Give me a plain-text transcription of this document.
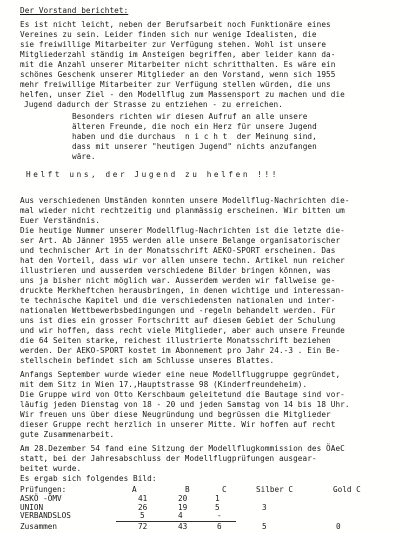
Der Vorstand berichtet:
Es ist nicht leicht, neben der Berufsarbeit noch Funktionäre eines
Vereines zu sein. Leider finden sich nur wenige Idealisten, die
sie freiwillige Mitarbeiter zur Verfügung stehen. Wohl ist unsere
Mitgliederzahl ständig im Ansteigen begriffen, aber leider kann da-
mit die Anzahl unserer Mitarbeiter nicht schritthalten. Es wäre ein
schönes Geschenk unserer Mitglieder an den Vorstand, wenn sich 1955
mehr freiwillige Mitarbeiter zur Verfügung stellen würden, die uns
helfen, unser Ziel - den Modellflug zum Massensport zu machen und die
Jugend dadurch der Strasse zu entziehen - zu erreichen.
Besonders richten wir diesen Aufruf an alle unsere
älteren Freunde, die noch ein Herz für unsere Jugend
haben und die durchaus  n i c h t  der Meinung sind,
dass mit unserer "heutigen Jugend" nichts anzufangen
wäre.
Helft uns, der Jugend zu helfen !!!
Aus verschiedenen Umständen konnten unsere Modellflug-Nachrichten die-
mal wieder nicht rechtzeitig und planmässig erscheinen. Wir bitten um
Euer Verständnis.
Die heutige Nummer unserer Modellflug-Nachrichten ist die letzte die-
ser Art. Ab Jänner 1955 werden alle unsere Belange organisatorischer
und technischer Art in der Monatsschrift AEKO-SPORT erscheinen. Das
hat den Vorteil, dass wir vor allen unsere techn. Artikel nun reicher
illustrieren und ausserdem verschiedene Bilder bringen können, was
uns ja bisher nicht möglich war. Ausserdem werden wir fallweise ge-
druckte Merkheftchen herausbringen, in denen wichtige und interessan-
te technische Kapitel und die verschiedensten nationalen und inter-
nationalen Wettbewerbsbedingungen und -regeln behandelt werden. Für
uns ist dies ein grosser Fortschritt auf diesem Gebiet der Schulung
und wir hoffen, dass recht viele Mitglieder, aber auch unsere Freunde
die 64 Seiten starke, reichest illustrierte Monatsschrift beziehen
werden. Der AEKO-SPORT kostet im Abonnement pro Jahr 24.-3 . Ein Be-
stellschein befindet sich am Schlusse unseres Blattes.
Anfangs September wurde wieder eine neue Modellfluggruppe gegründet,
mit dem Sitz in Wien 17.,Hauptstrasse 98 (Kinderfreundeheim).
Die Gruppe wird von Otto Kerschbaum geleitetund die Bautage sind vor-
läufig jeden Dienstag von 18 - 20 und jeden Samstag von 14 bis 18 Uhr.
Wir freuen uns über diese Neugründung und begrüssen die Mitglieder
dieser Gruppe recht herzlich in unserer Mitte. Wir hoffen auf recht
gute Zusammenarbeit.
Am 28.Dezember 54 fand eine Sitzung der Modellflugkommission des ÖAeC
statt, bei der Jahresabschluss der Modellflugprüfungen ausgear-
beitet wurde.
Es ergab sich folgendes Bild:
Prüfungen:	A	B	C	Silber C	Gold C
ASKÖ -ÖMV	41	20	1
UNION	26	19	5	3
VERBANDSLOS	5	4	-
Zusammen	72	43	6	5	0
